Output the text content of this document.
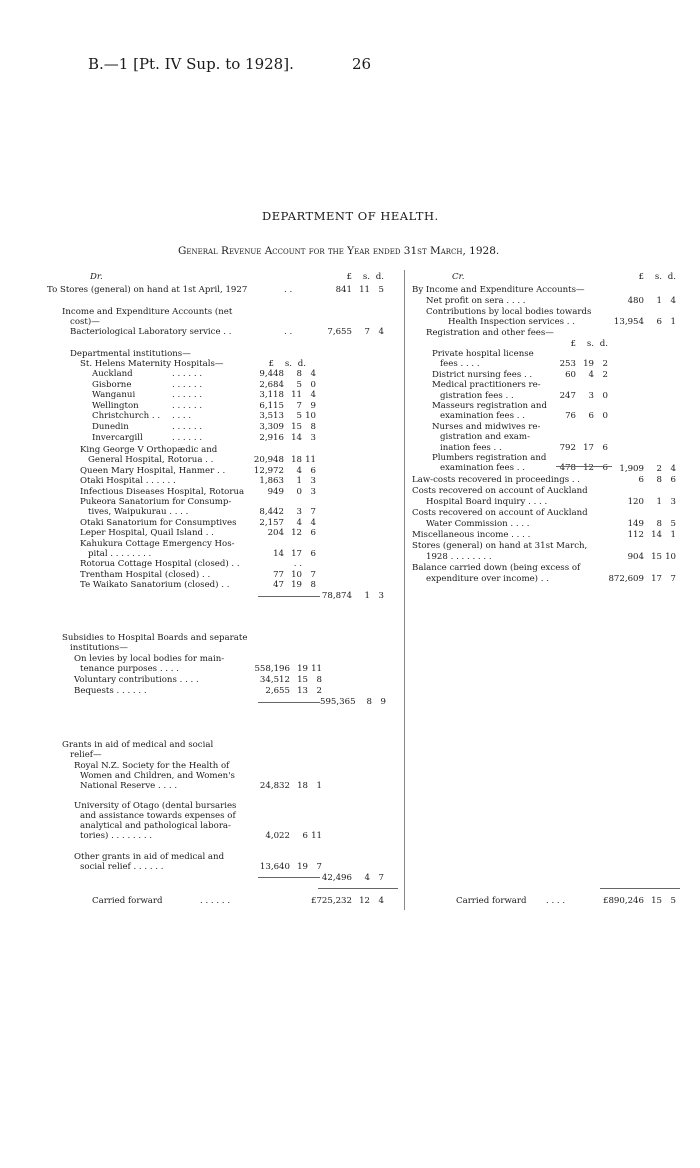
B.—1 [Pt. IV Sup. to 1928].	26
DEPARTMENT OF HEALTH.
General Revenue Account for the Year ended 31st March, 1928.
Dr.	£ s. d.
To Stores (general) on hand at 1st April, 1927	. .	841 11 5
Income and Expenditure Accounts (net
cost)—
Bacteriological Laboratory service . .	. .	7,655 7 4
Departmental institutions—
St. Helens Maternity Hospitals—	£ s. d.
Auckland	. . . . . .	9,448 8 4
Gisborne	. . . . . .	2,684 5 0
Wanganui	. . . . . .	3,118 11 4
Wellington	. . . . . .	6,115 7 9
Christchurch . . . . . .	3,513 5 10
Dunedin	. . . . . .	3,309 15 8
Invercargill	. . . . . .	2,916 14 3
King George V Orthopædic and
General Hospital, Rotorua . .	20,948 18 11
Queen Mary Hospital, Hanmer . .	12,972 4 6
Otaki Hospital . . . . . .	1,863 1 3
Infectious Diseases Hospital, Rotorua	949 0 3
Pukeora Sanatorium for Consump-
tives, Waipukurau . . . .	8,442 3 7
Otaki Sanatorium for Consumptives	2,157 4 4
Leper Hospital, Quail Island . .	204 12 6
Kahukura Cottage Emergency Hos-
pital . . . . . . . .	14 17 6
Rotorua Cottage Hospital (closed) . .	. .
Trentham Hospital (closed) . .	77 10 7
Te Waikato Sanatorium (closed) . .	47 19 8
78,874 1 3
Subsidies to Hospital Boards and separate
institutions—
On levies by local bodies for main-
tenance purposes . . . .	558,196 19 11
Voluntary contributions . . . .	34,512 15 8
Bequests . . . . . .	2,655 13 2
595,365 8 9
Grants in aid of medical and social
relief—
Royal N.Z. Society for the Health of
Women and Children, and Women's
National Reserve . . . .	24,832 18 1
University of Otago (dental bursaries
and assistance towards expenses of
analytical and pathological labora-
tories) . . . . . . . .	4,022 6 11
Other grants in aid of medical and
social relief . . . . . .	13,640 19 7
42,496 4 7
Carried forward	. . . . . .	£725,232 12 4
Cr.	£ s. d.
By Income and Expenditure Accounts—
Net profit on sera . . . .	480 1 4
Contributions by local bodies towards
Health Inspection services . .	13,954 6 1
Registration and other fees—
£ s. d.
Private hospital license
fees . . . .	253 19 2
District nursing fees . .	60 4 2
Medical practitioners re-
gistration fees . .	247 3 0
Masseurs registration and
examination fees . .	76 6 0
Nurses and midwives re-
gistration and exam-
ination fees . .	792 17 6
Plumbers registration and
examination fees . .	478 12 6	1,909 2 4
Law-costs recovered in proceedings . .	6 8 6
Costs recovered on account of Auckland
Hospital Board inquiry . . . .	120 1 3
Costs recovered on account of Auckland
Water Commission . . . .	149 8 5
Miscellaneous income . . . .	112 14 1
Stores (general) on hand at 31st March,
1928 . . . . . . . .	904 15 10
Balance carried down (being excess of
expenditure over income) . .	872,609 17 7
Carried forward . . . .	£890,246 15 5
